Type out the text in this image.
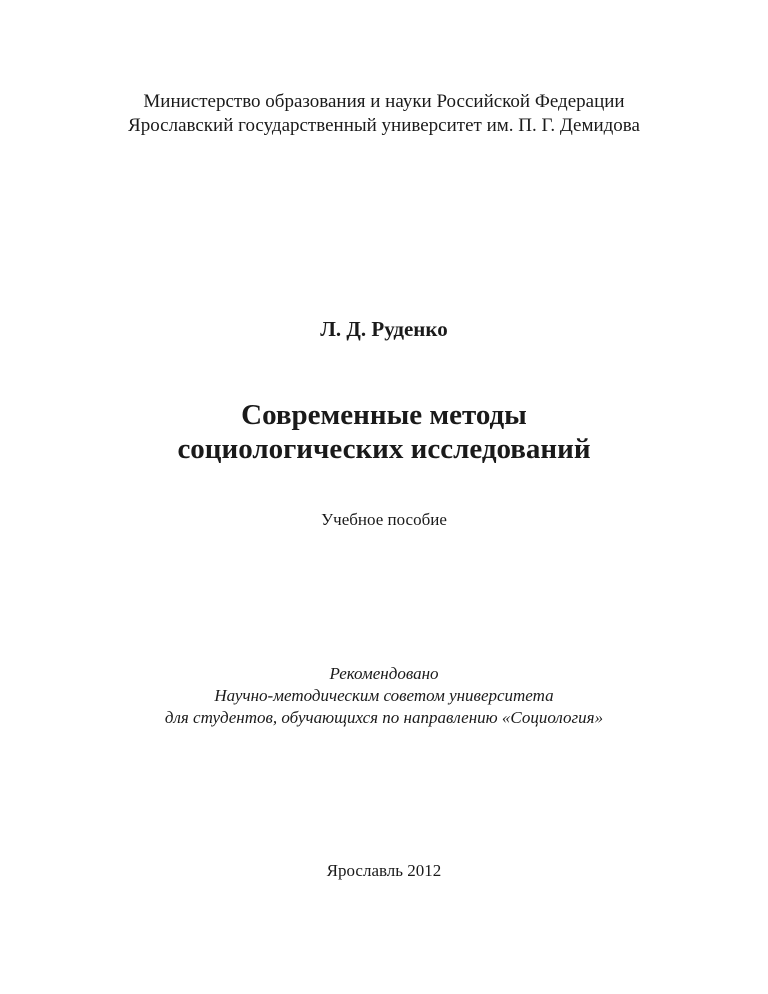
Министерство образования и науки Российской Федерации
Ярославский государственный университет им. П. Г. Демидова
Л. Д. Руденко
Современные методы
социологических исследований
Учебное пособие
Рекомендовано
Научно-методическим советом университета
для студентов, обучающихся по направлению «Социология»
Ярославль 2012
